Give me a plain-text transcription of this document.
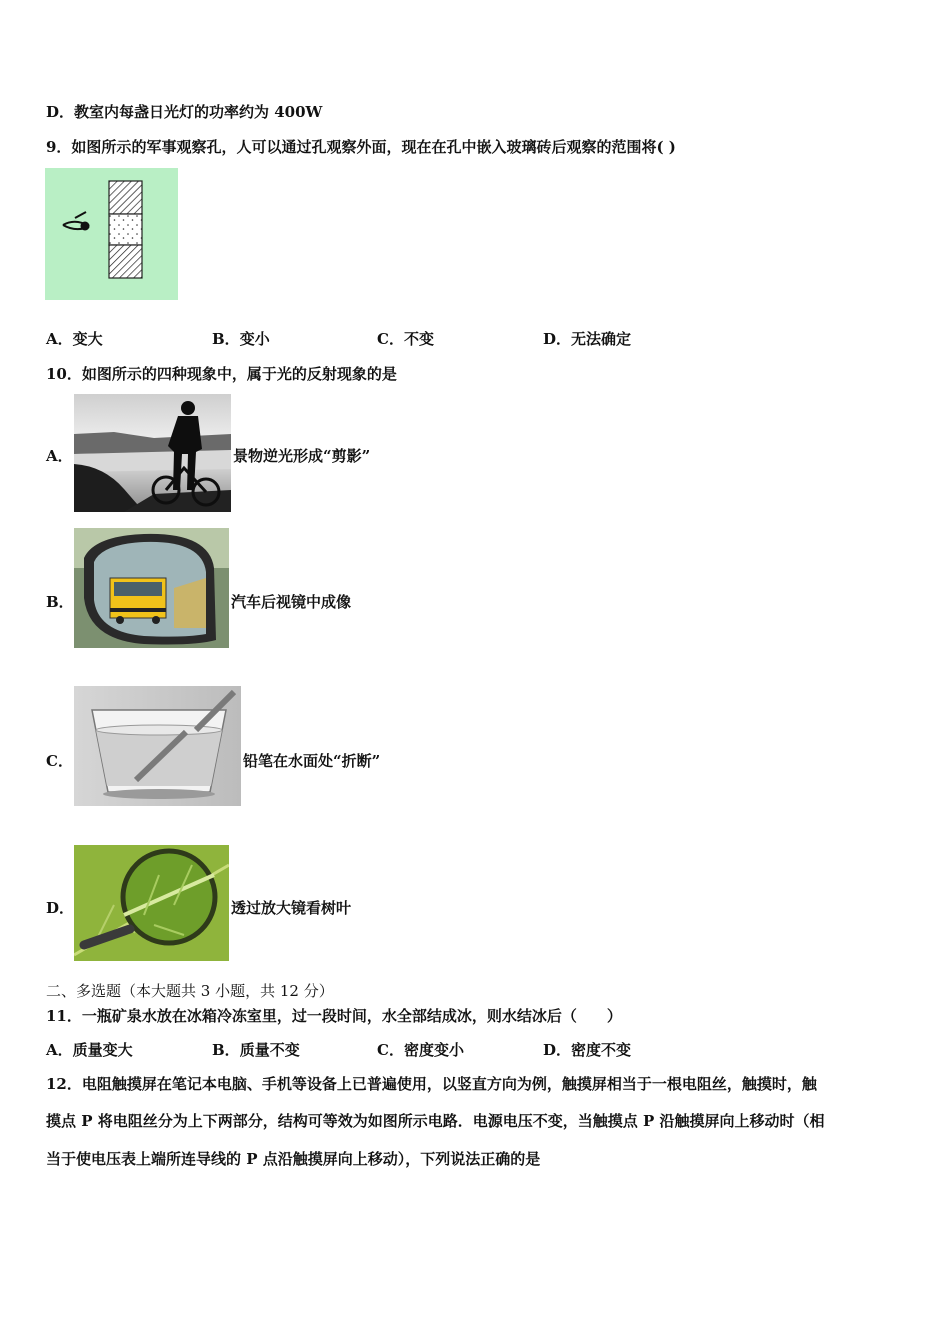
D．教室内每盏日光灯的功率约为 400W
9．如图所示的军事观察孔，人可以通过孔观察外面，现在在孔中嵌入玻璃砖后观察的范围将( )
A．变大	B．变小	C．不变	D．无法确定
10．如图所示的四种现象中，属于光的反射现象的是
A．	景物逆光形成“剪影”
B．	汽车后视镜中成像
C．	铅笔在水面处“折断”
D．	透过放大镜看树叶
二、多选题（本大题共 3 小题，共 12 分）
11．一瓶矿泉水放在冰箱冷冻室里，过一段时间，水全部结成冰，则水结冰后（　　）
A．质量变大	B．质量不变	C．密度变小	D．密度不变
12．电阻触摸屏在笔记本电脑、手机等设备上已普遍使用，以竖直方向为例，触摸屏相当于一根电阻丝，触摸时，触
摸点 P 将电阻丝分为上下两部分，结构可等效为如图所示电路．电源电压不变，当触摸点 P 沿触摸屏向上移动时（相
当于使电压表上端所连导线的 P 点沿触摸屏向上移动），下列说法正确的是
